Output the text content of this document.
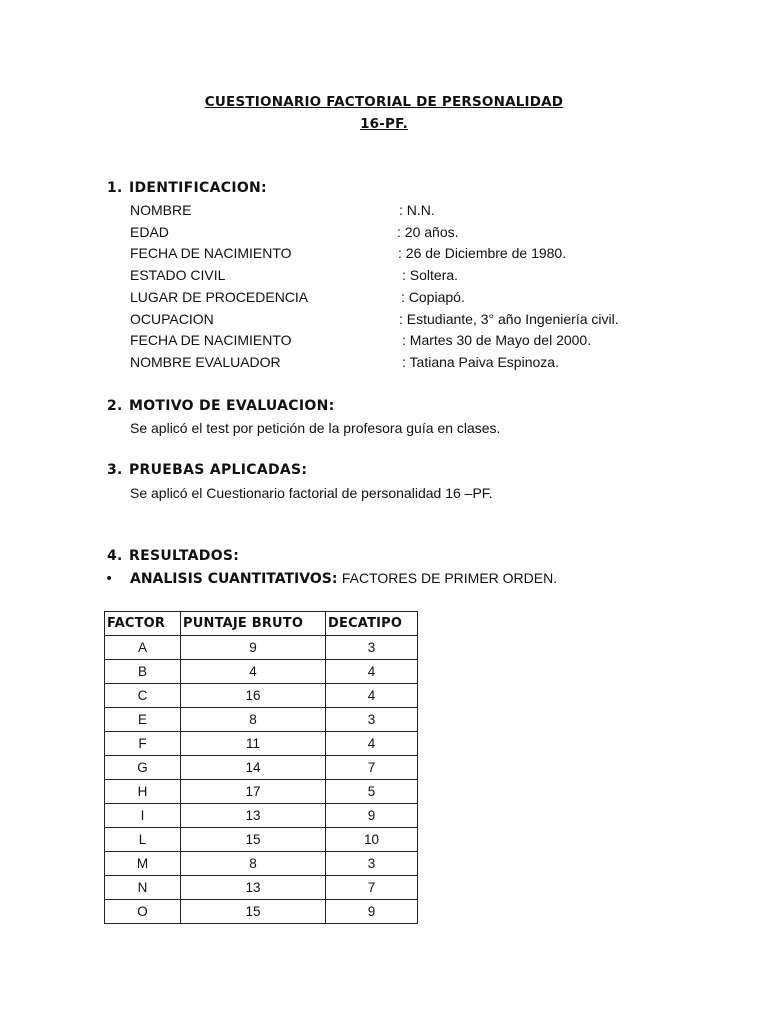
CUESTIONARIO FACTORIAL DE PERSONALIDAD
16-PF.
1. IDENTIFICACION:
NOMBRE	: N.N.
EDAD	: 20 años.
FECHA DE NACIMIENTO	: 26 de Diciembre de 1980.
ESTADO CIVIL	: Soltera.
LUGAR DE PROCEDENCIA	: Copiapó.
OCUPACION	: Estudiante, 3° año Ingeniería civil.
FECHA DE NACIMIENTO	: Martes 30 de Mayo del 2000.
NOMBRE EVALUADOR	: Tatiana Paiva Espinoza.
2. MOTIVO DE EVALUACION:
Se aplicó el test por petición de la profesora guía en clases.
3. PRUEBAS APLICADAS:
Se aplicó el Cuestionario factorial de personalidad 16 –PF.
4. RESULTADOS:
• ANALISIS CUANTITATIVOS: FACTORES DE PRIMER ORDEN.
FACTOR	PUNTAJE BRUTO	DECATIPO
A	9	3
B	4	4
C	16	4
E	8	3
F	11	4
G	14	7
H	17	5
I	13	9
L	15	10
M	8	3
N	13	7
O	15	9
